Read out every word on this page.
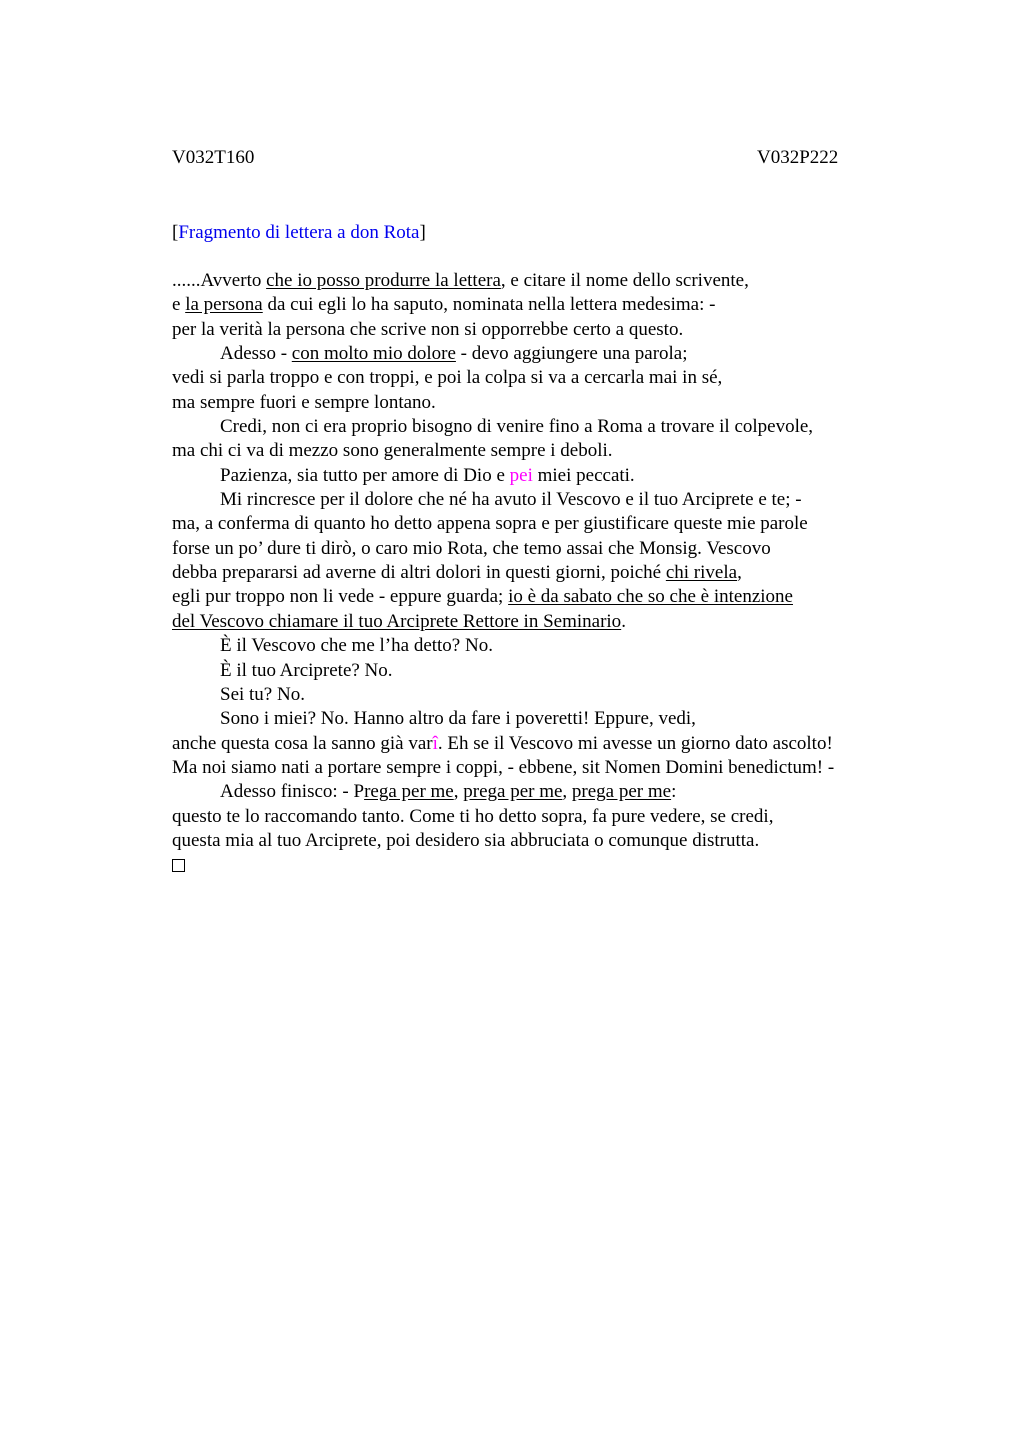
V032T160	V032P222
[Fragmento di lettera a don Rota]
......Avverto che io posso produrre la lettera, e citare il nome dello scrivente,
e la persona da cui egli lo ha saputo, nominata nella lettera medesima: -
per la verità la persona che scrive non si opporrebbe certo a questo.
Adesso - con molto mio dolore - devo aggiungere una parola;
vedi si parla troppo e con troppi, e poi la colpa si va a cercarla mai in sé,
ma sempre fuori e sempre lontano.
Credi, non ci era proprio bisogno di venire fino a Roma a trovare il colpevole,
ma chi ci va di mezzo sono generalmente sempre i deboli.
Pazienza, sia tutto per amore di Dio e pei miei peccati.
Mi rincresce per il dolore che né ha avuto il Vescovo e il tuo Arciprete e te; -
ma, a conferma di quanto ho detto appena sopra e per giustificare queste mie parole
forse un po’ dure ti dirò, o caro mio Rota, che temo assai che Monsig. Vescovo
debba prepararsi ad averne di altri dolori in questi giorni, poiché chi rivela,
egli pur troppo non li vede - eppure guarda; io è da sabato che so che è intenzione
del Vescovo chiamare il tuo Arciprete Rettore in Seminario.
È il Vescovo che me l’ha detto? No.
È il tuo Arciprete? No.
Sei tu? No.
Sono i miei? No. Hanno altro da fare i poveretti! Eppure, vedi,
anche questa cosa la sanno già varî. Eh se il Vescovo mi avesse un giorno dato ascolto!
Ma noi siamo nati a portare sempre i coppi, - ebbene, sit Nomen Domini benedictum! -
Adesso finisco: - Prega per me, prega per me, prega per me:
questo te lo raccomando tanto. Come ti ho detto sopra, fa pure vedere, se credi,
questa mia al tuo Arciprete, poi desidero sia abbruciata o comunque distrutta.
